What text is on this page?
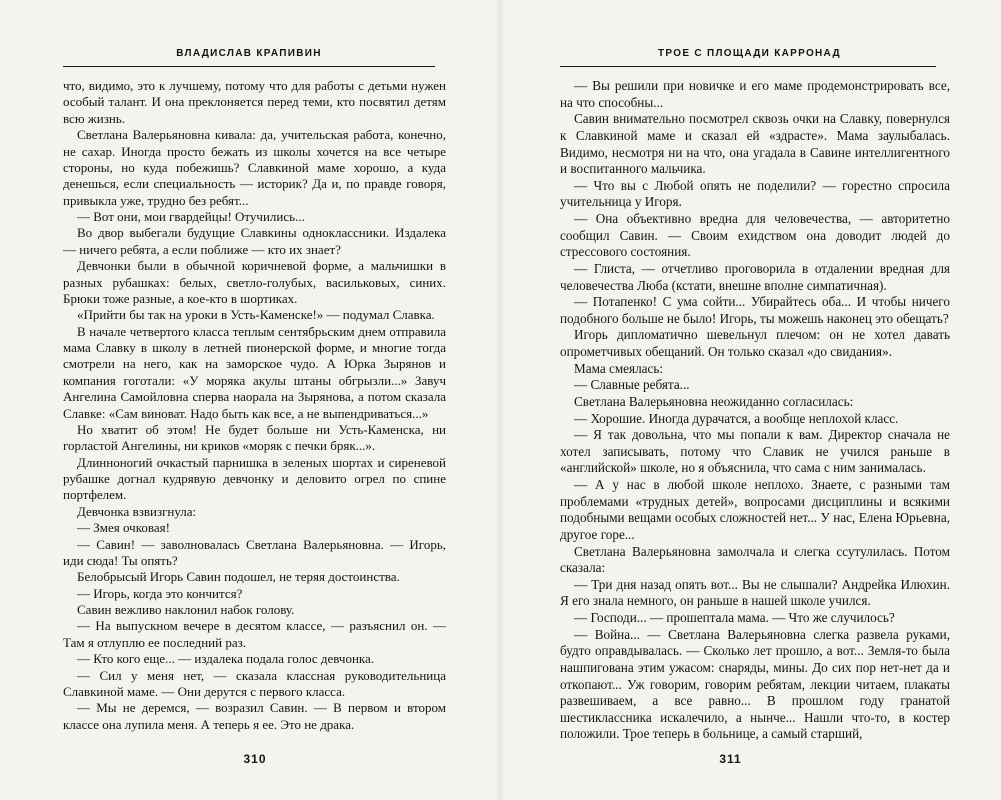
ВЛАДИСЛАВ КРАПИВИН

что, видимо, это к лучшему, потому что для работы с детьми нужен особый талант. И она преклоняется перед теми, кто посвятил детям всю жизнь.

Светлана Валерьяновна кивала: да, учительская работа, конечно, не сахар. Иногда просто бежать из школы хочется на все четыре стороны, но куда побежишь? Славкиной маме хорошо, а куда денешься, если специальность — историк? Да и, по правде говоря, привыкла уже, трудно без ребят...

— Вот они, мои гвардейцы! Отучились...

Во двор выбегали будущие Славкины одноклассники. Издалека — ничего ребята, а если поближе — кто их знает?

Девчонки были в обычной коричневой форме, а мальчишки в разных рубашках: белых, светло-голубых, васильковых, синих. Брюки тоже разные, а кое-кто в шортиках.

«Прийти бы так на уроки в Усть-Каменске!» — подумал Славка.

В начале четвертого класса теплым сентябрьским днем отправила мама Славку в школу в летней пионерской форме, и многие тогда смотрели на него, как на заморское чудо. А Юрка Зырянов и компания гоготали: «У моряка акулы штаны обгрызли...» Завуч Ангелина Самойловна сперва наорала на Зырянова, а потом сказала Славке: «Сам виноват. Надо быть как все, а не выпендриваться...»

Но хватит об этом! Не будет больше ни Усть-Каменска, ни горластой Ангелины, ни криков «моряк с печки бряк...».

Длинноногий очкастый парнишка в зеленых шортах и сиреневой рубашке догнал кудрявую девчонку и деловито огрел по спине портфелем.

Девчонка взвизгнула:

— Змея очковая!

— Савин! — заволновалась Светлана Валерьяновна. — Игорь, иди сюда! Ты опять?

Белобрысый Игорь Савин подошел, не теряя достоинства.

— Игорь, когда это кончится?

Савин вежливо наклонил набок голову.

— На выпускном вечере в десятом классе, — разъяснил он. — Там я отлуплю ее последний раз.

— Кто кого еще... — издалека подала голос девчонка.

— Сил у меня нет, — сказала классная руководительница Славкиной маме. — Они дерутся с первого класса.

— Мы не деремся, — возразил Савин. — В первом и втором классе она лупила меня. А теперь я ее. Это не драка.

310
ТРОЕ С ПЛОЩАДИ КАРРОНАД

— Вы решили при новичке и его маме продемонстрировать все, на что способны...

Савин внимательно посмотрел сквозь очки на Славку, повернулся к Славкиной маме и сказал ей «здрасте». Мама заулыбалась. Видимо, несмотря ни на что, она угадала в Савине интеллигентного и воспитанного мальчика.

— Что вы с Любой опять не поделили? — горестно спросила учительница у Игоря.

— Она объективно вредна для человечества, — авторитетно сообщил Савин. — Своим ехидством она доводит людей до стрессового состояния.

— Глиста, — отчетливо проговорила в отдалении вредная для человечества Люба (кстати, внешне вполне симпатичная).

— Потапенко! С ума сойти... Убирайтесь оба... И чтобы ничего подобного больше не было! Игорь, ты можешь наконец это обещать?

Игорь дипломатично шевельнул плечом: он не хотел давать опрометчивых обещаний. Он только сказал «до свидания».

Мама смеялась:

— Славные ребята...

Светлана Валерьяновна неожиданно согласилась:

— Хорошие. Иногда дурачатся, а вообще неплохой класс.

— Я так довольна, что мы попали к вам. Директор сначала не хотел записывать, потому что Славик не учился раньше в «английской» школе, но я объяснила, что сама с ним занималась.

— А у нас в любой школе неплохо. Знаете, с разными там проблемами «трудных детей», вопросами дисциплины и всякими подобными вещами особых сложностей нет... У нас, Елена Юрьевна, другое горе...

Светлана Валерьяновна замолчала и слегка ссутулилась. Потом сказала:

— Три дня назад опять вот... Вы не слышали? Андрейка Илюхин. Я его знала немного, он раньше в нашей школе учился.

— Господи... — прошептала мама. — Что же случилось?

— Война... — Светлана Валерьяновна слегка развела руками, будто оправдывалась. — Сколько лет прошло, а вот... Земля-то была нашпигована этим ужасом: снаряды, мины. До сих пор нет-нет да и откопают... Уж говорим, говорим ребятам, лекции читаем, плакаты развешиваем, а все равно... В прошлом году гранатой шестиклассника искалечило, а нынче... Нашли что-то, в костер положили. Трое теперь в больнице, а самый старший,

311
